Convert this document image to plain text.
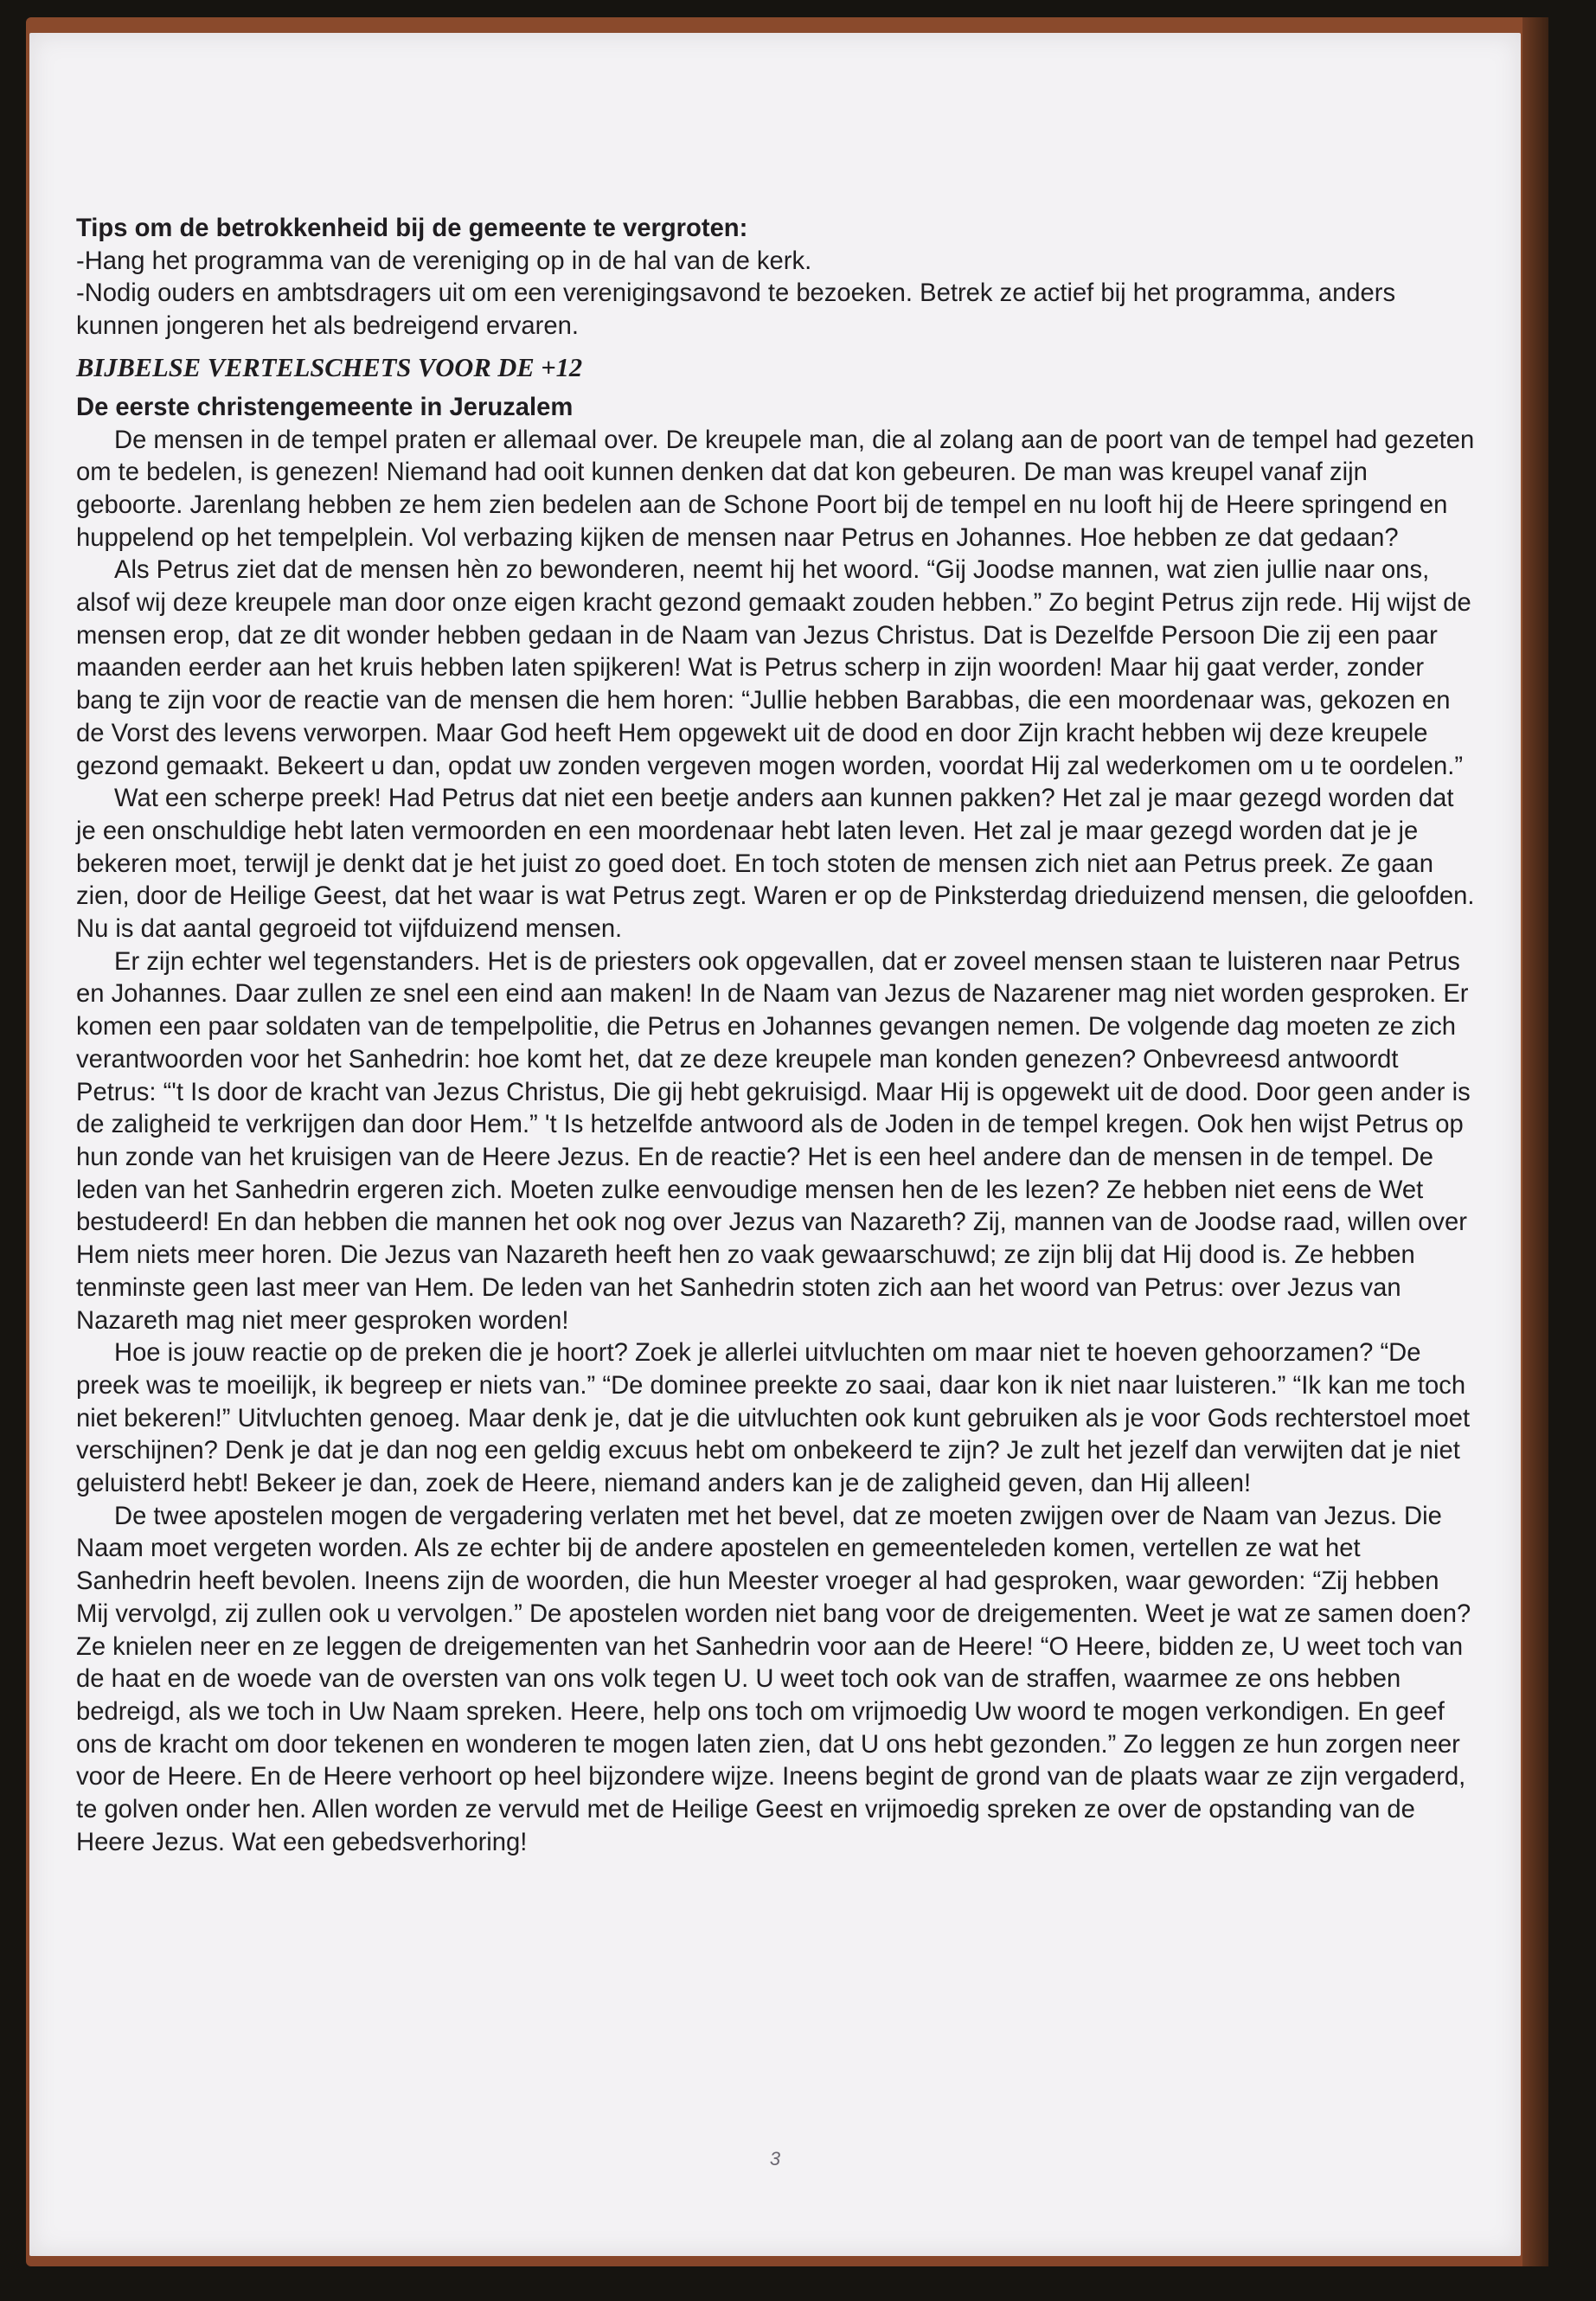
Tips om de betrokkenheid bij de gemeente te vergroten:

-Hang het programma van de vereniging op in de hal van de kerk.

-Nodig ouders en ambtsdragers uit om een verenigingsavond te bezoeken. Betrek ze actief bij het programma, anders kunnen jongeren het als bedreigend ervaren.

BIJBELSE VERTELSCHETS VOOR DE +12

De eerste christengemeente in Jeruzalem

De mensen in de tempel praten er allemaal over. De kreupele man, die al zolang aan de poort van de tempel had gezeten om te bedelen, is genezen! Niemand had ooit kunnen denken dat dat kon gebeuren. De man was kreupel vanaf zijn geboorte. Jarenlang hebben ze hem zien bedelen aan de Schone Poort bij de tempel en nu looft hij de Heere springend en huppelend op het tempelplein. Vol verbazing kijken de mensen naar Petrus en Johannes. Hoe hebben ze dat gedaan?

Als Petrus ziet dat de mensen hèn zo bewonderen, neemt hij het woord. “Gij Joodse mannen, wat zien jullie naar ons, alsof wij deze kreupele man door onze eigen kracht gezond gemaakt zouden hebben.” Zo begint Petrus zijn rede. Hij wijst de mensen erop, dat ze dit wonder hebben gedaan in de Naam van Jezus Christus. Dat is Dezelfde Persoon Die zij een paar maanden eerder aan het kruis hebben laten spijkeren! Wat is Petrus scherp in zijn woorden! Maar hij gaat verder, zonder bang te zijn voor de reactie van de mensen die hem horen: “Jullie hebben Barabbas, die een moordenaar was, gekozen en de Vorst des levens verworpen. Maar God heeft Hem opgewekt uit de dood en door Zijn kracht hebben wij deze kreupele gezond gemaakt. Bekeert u dan, opdat uw zonden vergeven mogen worden, voordat Hij zal wederkomen om u te oordelen.”

Wat een scherpe preek! Had Petrus dat niet een beetje anders aan kunnen pakken? Het zal je maar gezegd worden dat je een onschuldige hebt laten vermoorden en een moordenaar hebt laten leven. Het zal je maar gezegd worden dat je je bekeren moet, terwijl je denkt dat je het juist zo goed doet. En toch stoten de mensen zich niet aan Petrus preek. Ze gaan zien, door de Heilige Geest, dat het waar is wat Petrus zegt. Waren er op de Pinksterdag drieduizend mensen, die geloofden. Nu is dat aantal gegroeid tot vijfduizend mensen.

Er zijn echter wel tegenstanders. Het is de priesters ook opgevallen, dat er zoveel mensen staan te luisteren naar Petrus en Johannes. Daar zullen ze snel een eind aan maken! In de Naam van Jezus de Nazarener mag niet worden gesproken. Er komen een paar soldaten van de tempelpolitie, die Petrus en Johannes gevangen nemen. De volgende dag moeten ze zich verantwoorden voor het Sanhedrin: hoe komt het, dat ze deze kreupele man konden genezen? Onbevreesd antwoordt Petrus: “'t Is door de kracht van Jezus Christus, Die gij hebt gekruisigd. Maar Hij is opgewekt uit de dood. Door geen ander is de zaligheid te verkrijgen dan door Hem.” 't Is hetzelfde antwoord als de Joden in de tempel kregen. Ook hen wijst Petrus op hun zonde van het kruisigen van de Heere Jezus. En de reactie? Het is een heel andere dan de mensen in de tempel. De leden van het Sanhedrin ergeren zich. Moeten zulke eenvoudige mensen hen de les lezen? Ze hebben niet eens de Wet bestudeerd! En dan hebben die mannen het ook nog over Jezus van Nazareth? Zij, mannen van de Joodse raad, willen over Hem niets meer horen. Die Jezus van Nazareth heeft hen zo vaak gewaarschuwd; ze zijn blij dat Hij dood is. Ze hebben tenminste geen last meer van Hem. De leden van het Sanhedrin stoten zich aan het woord van Petrus: over Jezus van Nazareth mag niet meer gesproken worden!

Hoe is jouw reactie op de preken die je hoort? Zoek je allerlei uitvluchten om maar niet te hoeven gehoorzamen? “De preek was te moeilijk, ik begreep er niets van.” “De dominee preekte zo saai, daar kon ik niet naar luisteren.” “Ik kan me toch niet bekeren!” Uitvluchten genoeg. Maar denk je, dat je die uitvluchten ook kunt gebruiken als je voor Gods rechterstoel moet verschijnen? Denk je dat je dan nog een geldig excuus hebt om onbekeerd te zijn? Je zult het jezelf dan verwijten dat je niet geluisterd hebt! Bekeer je dan, zoek de Heere, niemand anders kan je de zaligheid geven, dan Hij alleen!

De twee apostelen mogen de vergadering verlaten met het bevel, dat ze moeten zwijgen over de Naam van Jezus. Die Naam moet vergeten worden. Als ze echter bij de andere apostelen en gemeenteleden komen, vertellen ze wat het Sanhedrin heeft bevolen. Ineens zijn de woorden, die hun Meester vroeger al had gesproken, waar geworden: “Zij hebben Mij vervolgd, zij zullen ook u vervolgen.” De apostelen worden niet bang voor de dreigementen. Weet je wat ze samen doen? Ze knielen neer en ze leggen de dreigementen van het Sanhedrin voor aan de Heere! “O Heere, bidden ze, U weet toch van de haat en de woede van de oversten van ons volk tegen U. U weet toch ook van de straffen, waarmee ze ons hebben bedreigd, als we toch in Uw Naam spreken. Heere, help ons toch om vrijmoedig Uw woord te mogen verkondigen. En geef ons de kracht om door tekenen en wonderen te mogen laten zien, dat U ons hebt gezonden.” Zo leggen ze hun zorgen neer voor de Heere. En de Heere verhoort op heel bijzondere wijze. Ineens begint de grond van de plaats waar ze zijn vergaderd, te golven onder hen. Allen worden ze vervuld met de Heilige Geest en vrijmoedig spreken ze over de opstanding van de Heere Jezus. Wat een gebedsverhoring!

3
